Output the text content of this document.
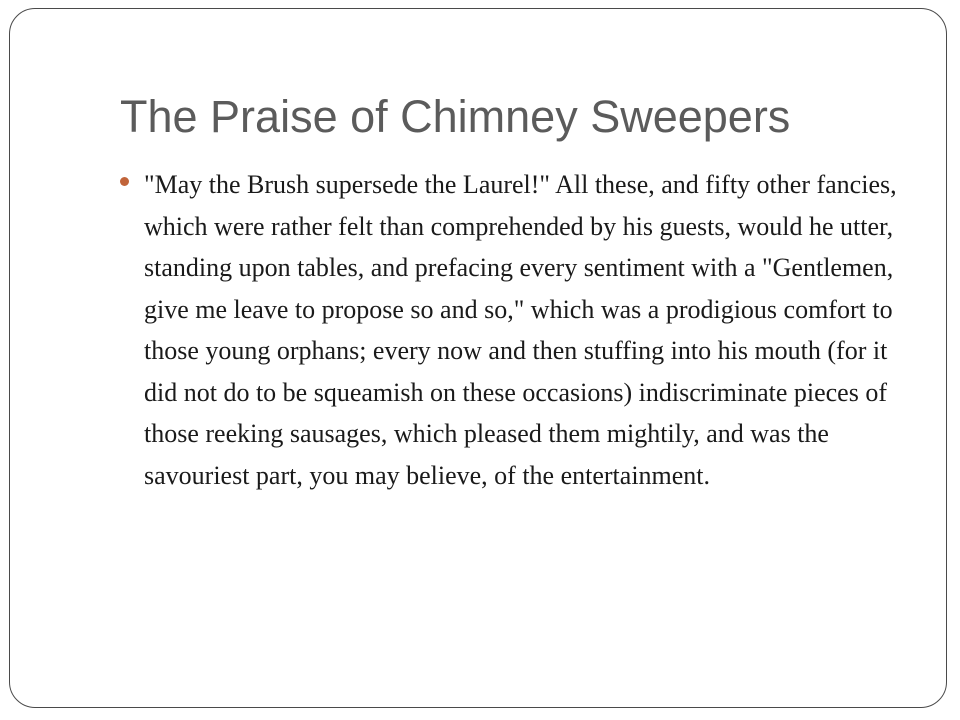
The Praise of Chimney Sweepers

"May the Brush supersede the Laurel!" All these, and fifty other fancies, which were rather felt than comprehended by his guests, would he utter, standing upon tables, and prefacing every sentiment with a "Gentlemen, give me leave to propose so and so," which was a prodigious comfort to those young orphans; every now and then stuffing into his mouth (for it did not do to be squeamish on these occasions) indiscriminate pieces of those reeking sausages, which pleased them mightily, and was the savouriest part, you may believe, of the entertainment.
